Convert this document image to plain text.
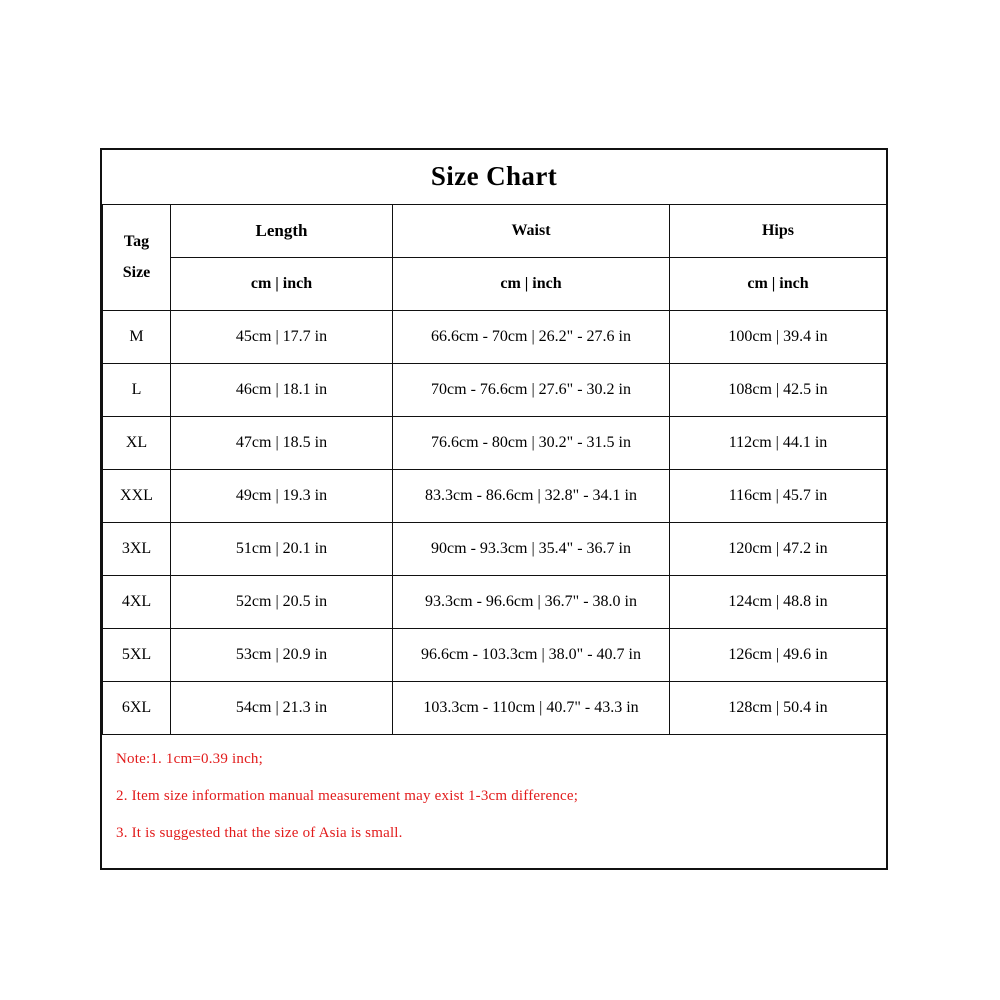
Size Chart
Tag
Size	Length	Waist	Hips
	cm | inch	cm | inch	cm | inch
M	45cm | 17.7 in	66.6cm - 70cm | 26.2" - 27.6 in	100cm | 39.4 in
L	46cm | 18.1 in	70cm - 76.6cm | 27.6" - 30.2 in	108cm | 42.5 in
XL	47cm | 18.5 in	76.6cm - 80cm | 30.2" - 31.5 in	112cm | 44.1 in
XXL	49cm | 19.3 in	83.3cm - 86.6cm | 32.8" - 34.1 in	116cm | 45.7 in
3XL	51cm | 20.1 in	90cm - 93.3cm | 35.4" - 36.7 in	120cm | 47.2 in
4XL	52cm | 20.5 in	93.3cm - 96.6cm | 36.7" - 38.0 in	124cm | 48.8 in
5XL	53cm | 20.9 in	96.6cm - 103.3cm | 38.0" - 40.7 in	126cm | 49.6 in
6XL	54cm | 21.3 in	103.3cm - 110cm | 40.7" - 43.3 in	128cm | 50.4 in

Note:1. 1cm=0.39 inch;

2. Item size information manual measurement may exist 1-3cm difference;

3. It is suggested that the size of Asia is small.
